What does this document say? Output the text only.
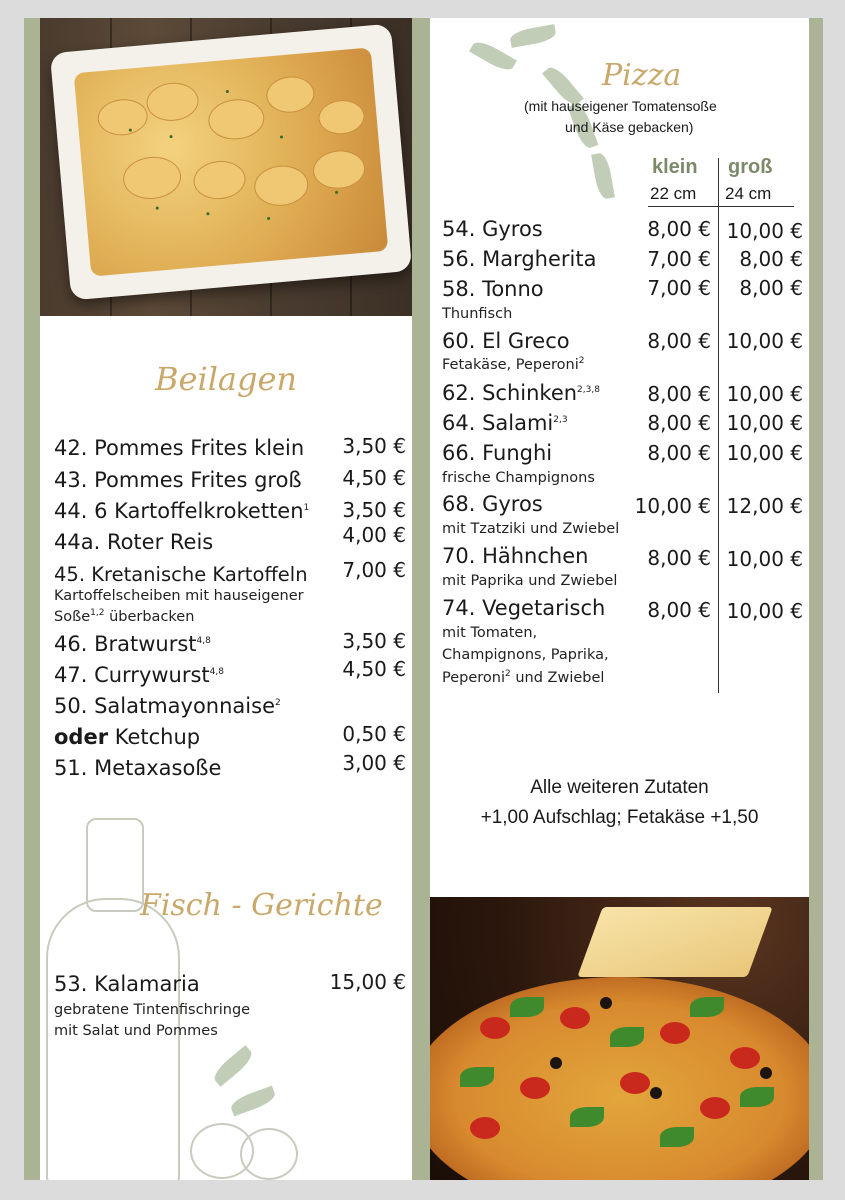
Beilagen
42. Pommes Frites klein 3,50 €
43. Pommes Frites groß 4,50 €
44. 6 Kartoffelkroketten$^1$ 3,50 €
44a. Roter Reis	4,00 €
45. Kretanische Kartoffeln 7,00 €
Kartoffelscheiben mit hauseigener
Soße$^{1,2}$ überbacken
46. Bratwurst$^{4,8}$	3,50 €
47. Currywurst$^{4,8}$	4,50 €
50. Salatmayonnaise$^2$
oder Ketchup	0,50 €
51. Metaxasoße	3,00 €
Fisch - Gerichte
53. Kalamaria	15,00 €
gebratene Tintenfischringe
mit Salat und Pommes
Pizza
(mit hauseigener Tomatensoße
und Käse gebacken)
klein groß
22 cm 24 cm
54. Gyros	8,00 € 10,00 €
56. Margherita	7,00 € 8,00 €
58. Tonno	7,00 € 8,00 €
Thunfisch
60. El Greco	8,00 € 10,00 €
Fetakäse, Peperoni$^2$
62. Schinken$^{2,3,8}$ 8,00 € 10,00 €
64. Salami$^{2,3}$	8,00 € 10,00 €
66. Funghi	8,00 € 10,00 €
frische Champignons
68. Gyros	10,00 € 12,00 €
mit Tzatziki und Zwiebel
70. Hähnchen	8,00 € 10,00 €
mit Paprika und Zwiebel
74. Vegetarisch 8,00 € 10,00 €
mit Tomaten,
Champignons, Paprika,
Peperoni$^2$ und Zwiebel
Alle weiteren Zutaten
+1,00 Aufschlag; Fetakäse +1,50
